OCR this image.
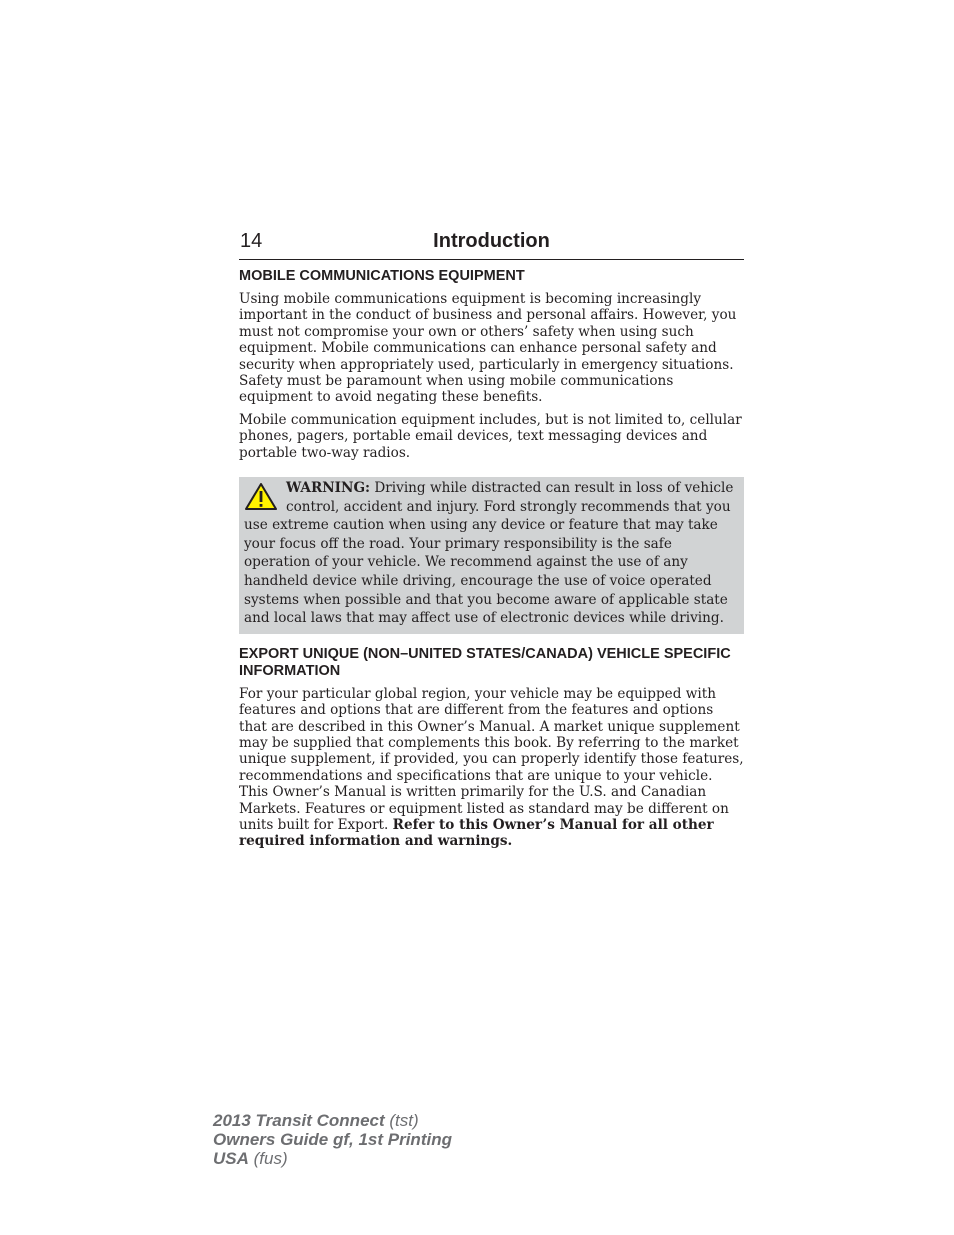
14	Introduction
MOBILE COMMUNICATIONS EQUIPMENT

Using mobile communications equipment is becoming increasingly important in the conduct of business and personal affairs. However, you must not compromise your own or others’ safety when using such equipment. Mobile communications can enhance personal safety and security when appropriately used, particularly in emergency situations. Safety must be paramount when using mobile communications equipment to avoid negating these benefits.

Mobile communication equipment includes, but is not limited to, cellular phones, pagers, portable email devices, text messaging devices and portable two-way radios.

WARNING: Driving while distracted can result in loss of vehicle control, accident and injury. Ford strongly recommends that you use extreme caution when using any device or feature that may take your focus off the road. Your primary responsibility is the safe operation of your vehicle. We recommend against the use of any handheld device while driving, encourage the use of voice operated systems when possible and that you become aware of applicable state and local laws that may affect use of electronic devices while driving.

EXPORT UNIQUE (NON–UNITED STATES/CANADA) VEHICLE SPECIFIC INFORMATION

For your particular global region, your vehicle may be equipped with features and options that are different from the features and options that are described in this Owner’s Manual. A market unique supplement may be supplied that complements this book. By referring to the market unique supplement, if provided, you can properly identify those features, recommendations and specifications that are unique to your vehicle. This Owner’s Manual is written primarily for the U.S. and Canadian Markets. Features or equipment listed as standard may be different on units built for Export. Refer to this Owner’s Manual for all other required information and warnings.

2013 Transit Connect (tst)
Owners Guide gf, 1st Printing
USA (fus)
